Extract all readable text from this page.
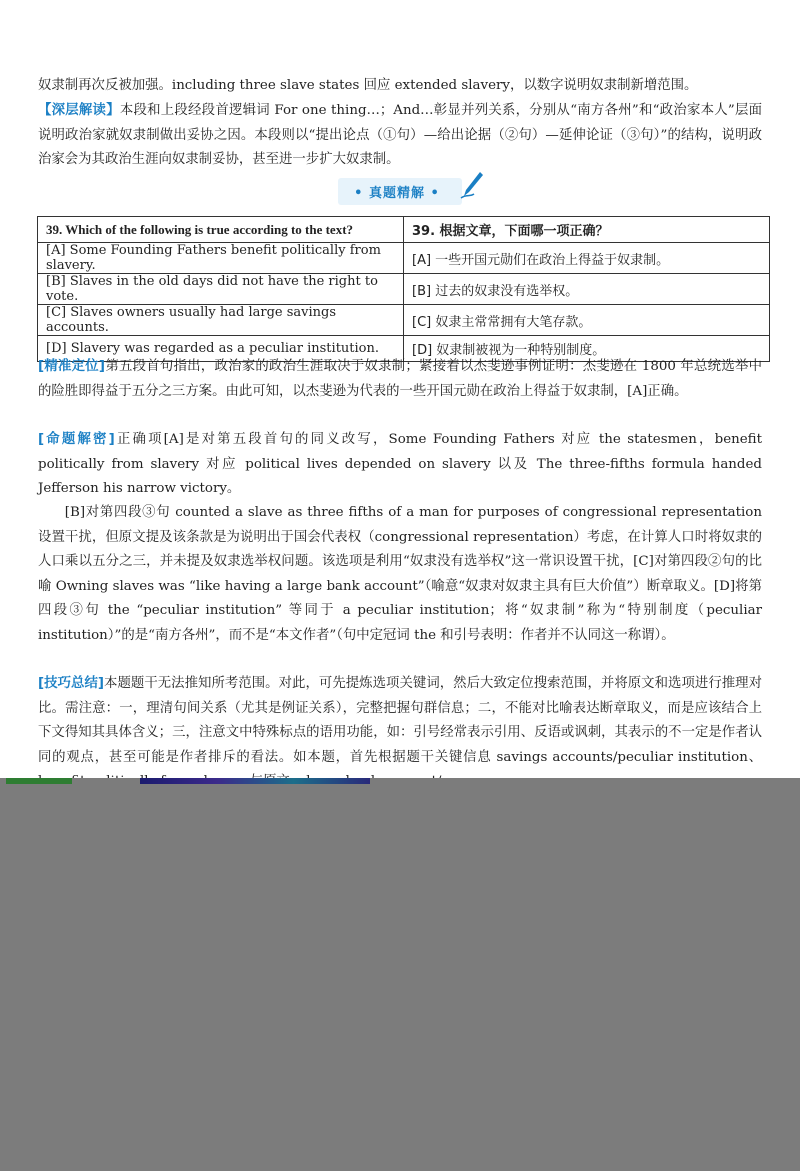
奴隶制再次反被加强。including three slave states 回应 extended slavery，以数字说明奴隶制新增范围。

【深层解读】本段和上段经段首逻辑词 For one thing…；And…彰显并列关系，分别从“南方各州”和“政治家本人”层面说明政治家就奴隶制做出妥协之因。本段则以“提出论点（①句）—给出论据（②句）—延伸论证（③句）”的结构，说明政治家会为其政治生涯向奴隶制妥协，甚至进一步扩大奴隶制。

• 真题精解 •
39. Which of the following is true according to the text?	39. 根据文章，下面哪一项正确？
[A] Some Founding Fathers benefit politically from slavery.	[A] 一些开国元勋们在政治上得益于奴隶制。
[B] Slaves in the old days did not have the right to vote.	[B] 过去的奴隶没有选举权。
[C] Slaves owners usually had large savings accounts.	[C] 奴隶主常常拥有大笔存款。
[D] Slavery was regarded as a peculiar institution.	[D] 奴隶制被视为一种特别制度。

[精准定位]第五段首句指出，政治家的政治生涯取决于奴隶制；紧接着以杰斐逊事例证明：杰斐逊在 1800 年总统选举中的险胜即得益于五分之三方案。由此可知，以杰斐逊为代表的一些开国元勋在政治上得益于奴隶制，[A]正确。

[命题解密]正确项[A]是对第五段首句的同义改写，Some Founding Fathers 对应 the statesmen，benefit politically from slavery 对应 political lives depended on slavery 以及 The three-fifths formula handed Jefferson his narrow victory。

[B]对第四段③句 counted a slave as three fifths of a man for purposes of congressional representation 设置干扰，但原文提及该条款是为说明出于国会代表权（congressional representation）考虑，在计算人口时将奴隶的人口乘以五分之三，并未提及奴隶选举权问题。该选项是利用“奴隶没有选举权”这一常识设置干扰，[C]对第四段②句的比喻 Owning slaves was “like having a large bank account”（喻意“奴隶对奴隶主具有巨大价值”）断章取义。[D]将第四段③句 the “peculiar institution” 等同于 a peculiar institution；将“奴隶制”称为“特别制度（peculiar institution）”的是“南方各州”，而不是“本文作者”（句中定冠词 the 和引号表明：作者并不认同这一称谓）。

[技巧总结]本题题干无法推知所考范围。对此，可先提炼选项关键词，然后大致定位搜索范围，并将原文和选项进行推理对比。需注意：一，理清句间关系（尤其是例证关系），完整把握句群信息；二，不能对比喻表达断章取义，而是应该结合上下文得知其具体含义；三，注意文中特殊标点的语用功能，如：引号经常表示引用、反语或讽刺，其表示的不一定是作者认同的观点，甚至可能是作者排斥的看法。如本题，首先根据题干关键信息 savings accounts/peculiar institution、
